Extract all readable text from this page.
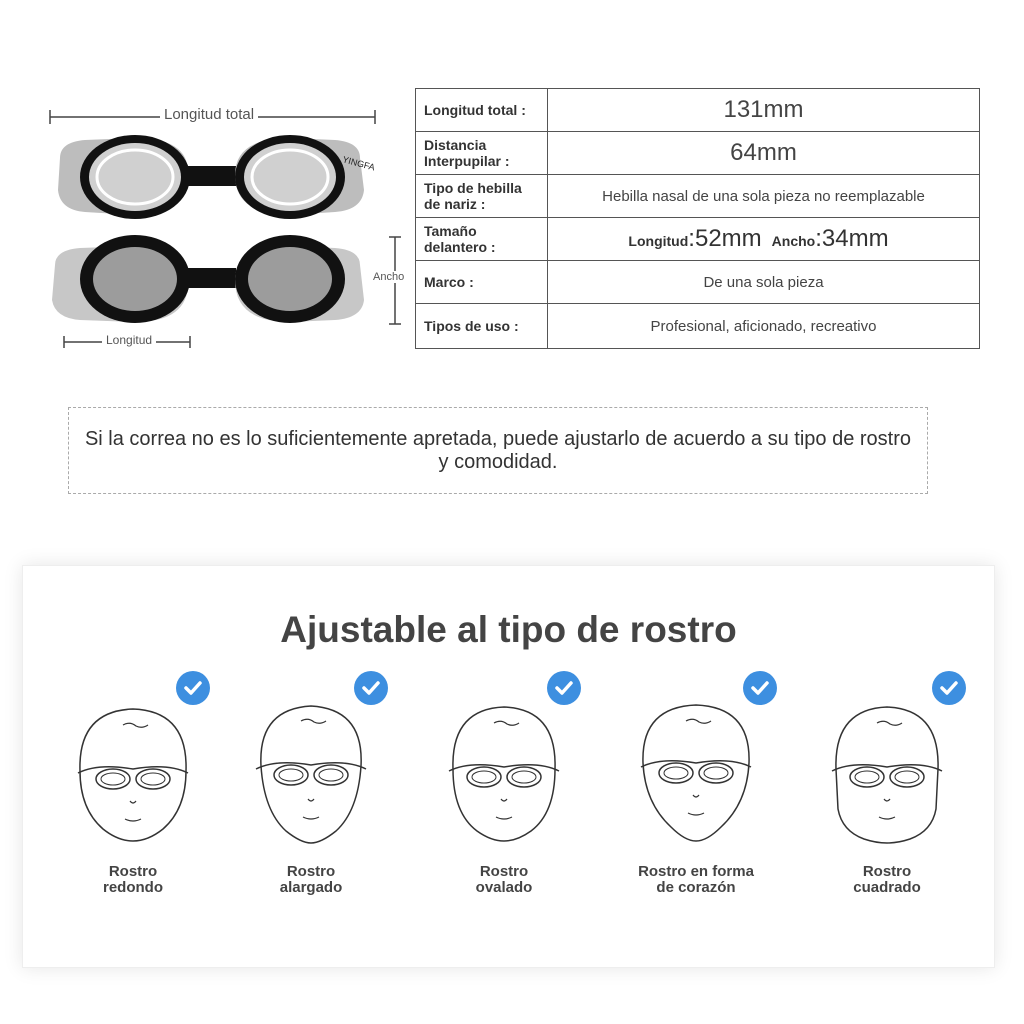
YINGFA
Longitud total
Ancho
Longitud
Longitud total :	131mm
Distancia Interpupilar :	64mm
Tipo de hebilla de nariz :	Hebilla nasal de una sola pieza no reemplazable
Tamaño delantero :	Longitud:52mm Ancho:34mm
Marco :	De una sola pieza
Tipos de uso :	Profesional, aficionado, recreativo

Si la correa no es lo suficientemente apretada, puede ajustarlo de acuerdo a su tipo de rostro y comodidad.

Ajustable al tipo de rostro
Rostro
redondo
Rostro
alargado
Rostro
ovalado
Rostro en forma
de corazón
Rostro
cuadrado
